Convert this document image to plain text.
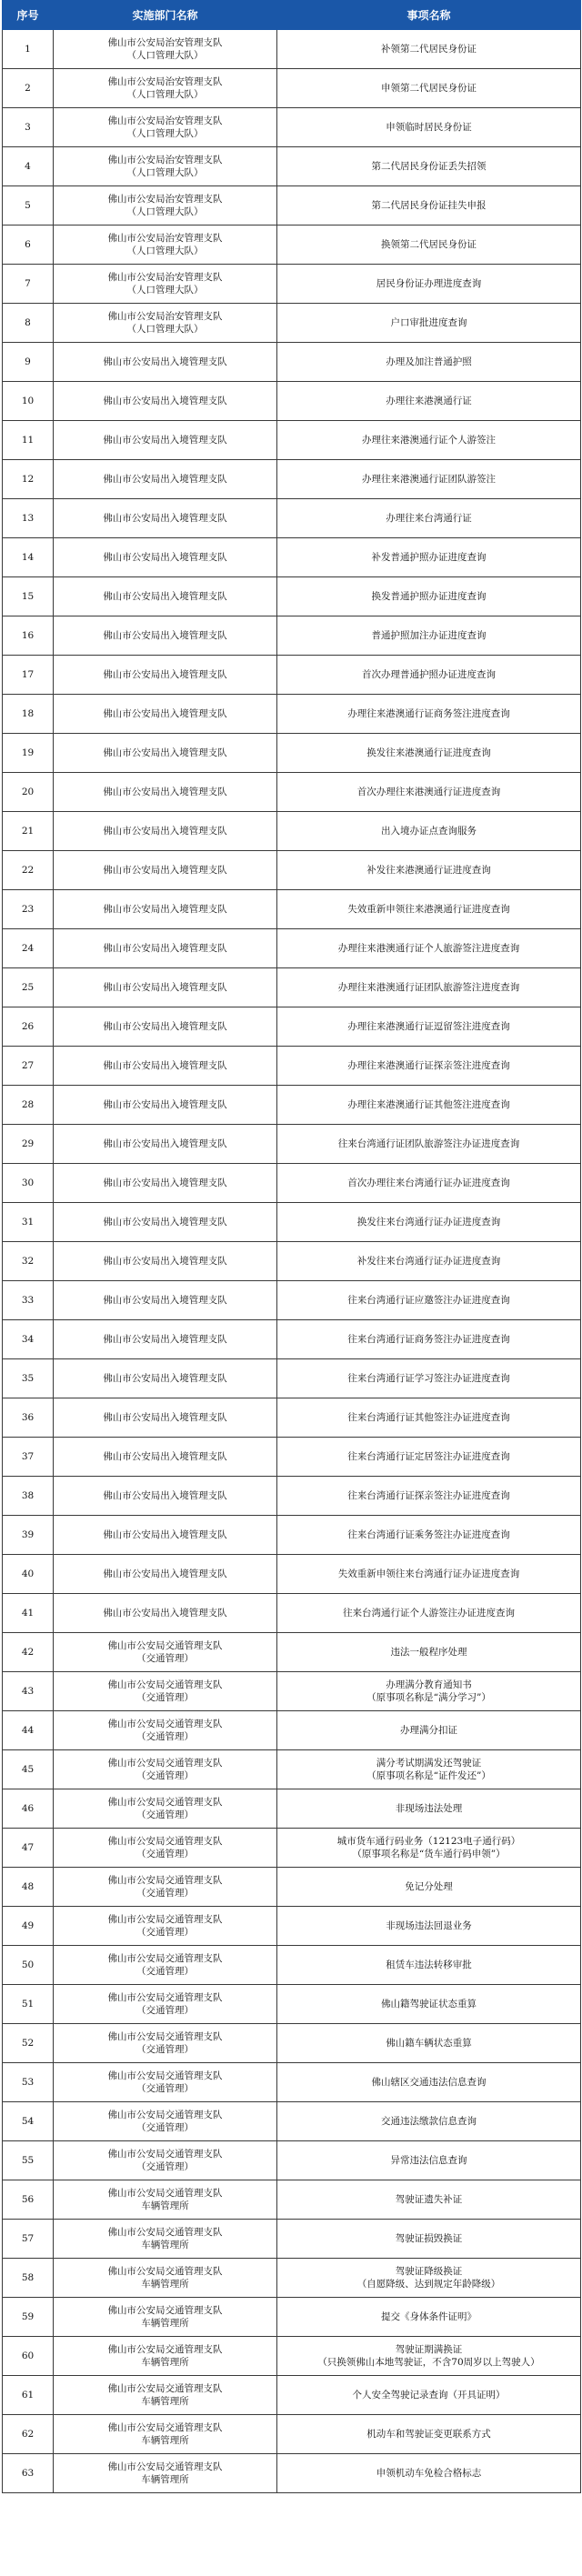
序号	实施部门名称	事项名称
1	佛山市公安局治安管理支队
（人口管理大队）	补领第二代居民身份证

2	佛山市公安局治安管理支队
（人口管理大队）	申领第二代居民身份证

3	佛山市公安局治安管理支队
（人口管理大队）	申领临时居民身份证

4	佛山市公安局治安管理支队
（人口管理大队）	第二代居民身份证丢失招领

5	佛山市公安局治安管理支队
（人口管理大队）	第二代居民身份证挂失申报

6	佛山市公安局治安管理支队
（人口管理大队）	换领第二代居民身份证

7	佛山市公安局治安管理支队
（人口管理大队）	居民身份证办理进度查询

8	佛山市公安局治安管理支队
（人口管理大队）	户口审批进度查询

9	佛山市公安局出入境管理支队	办理及加注普通护照

10	佛山市公安局出入境管理支队	办理往来港澳通行证

11	佛山市公安局出入境管理支队	办理往来港澳通行证个人游签注

12	佛山市公安局出入境管理支队	办理往来港澳通行证团队游签注

13	佛山市公安局出入境管理支队	办理往来台湾通行证

14	佛山市公安局出入境管理支队	补发普通护照办证进度查询

15	佛山市公安局出入境管理支队	换发普通护照办证进度查询

16	佛山市公安局出入境管理支队	普通护照加注办证进度查询

17	佛山市公安局出入境管理支队	首次办理普通护照办证进度查询

18	佛山市公安局出入境管理支队	办理往来港澳通行证商务签注进度查询

19	佛山市公安局出入境管理支队	换发往来港澳通行证进度查询

20	佛山市公安局出入境管理支队	首次办理往来港澳通行证进度查询

21	佛山市公安局出入境管理支队	出入境办证点查询服务

22	佛山市公安局出入境管理支队	补发往来港澳通行证进度查询

23	佛山市公安局出入境管理支队	失效重新申领往来港澳通行证进度查询

24	佛山市公安局出入境管理支队	办理往来港澳通行证个人旅游签注进度查询

25	佛山市公安局出入境管理支队	办理往来港澳通行证团队旅游签注进度查询

26	佛山市公安局出入境管理支队	办理往来港澳通行证逗留签注进度查询

27	佛山市公安局出入境管理支队	办理往来港澳通行证探亲签注进度查询

28	佛山市公安局出入境管理支队	办理往来港澳通行证其他签注进度查询

29	佛山市公安局出入境管理支队	往来台湾通行证团队旅游签注办证进度查询

30	佛山市公安局出入境管理支队	首次办理往来台湾通行证办证进度查询

31	佛山市公安局出入境管理支队	换发往来台湾通行证办证进度查询

32	佛山市公安局出入境管理支队	补发往来台湾通行证办证进度查询

33	佛山市公安局出入境管理支队	往来台湾通行证应邀签注办证进度查询

34	佛山市公安局出入境管理支队	往来台湾通行证商务签注办证进度查询

35	佛山市公安局出入境管理支队	往来台湾通行证学习签注办证进度查询

36	佛山市公安局出入境管理支队	往来台湾通行证其他签注办证进度查询

37	佛山市公安局出入境管理支队	往来台湾通行证定居签注办证进度查询

38	佛山市公安局出入境管理支队	往来台湾通行证探亲签注办证进度查询

39	佛山市公安局出入境管理支队	往来台湾通行证乘务签注办证进度查询

40	佛山市公安局出入境管理支队	失效重新申领往来台湾通行证办证进度查询

41	佛山市公安局出入境管理支队	往来台湾通行证个人游签注办证进度查询

42	佛山市公安局交通管理支队
（交通管理）	违法一般程序处理

43	佛山市公安局交通管理支队
（交通管理）	办理满分教育通知书
（原事项名称是“满分学习”）

44	佛山市公安局交通管理支队
（交通管理）	办理满分扣证

45	佛山市公安局交通管理支队
（交通管理）	满分考试期满发还驾驶证
（原事项名称是“证件发还”）

46	佛山市公安局交通管理支队
（交通管理）	非现场违法处理

47	佛山市公安局交通管理支队
（交通管理）	城市货车通行码业务（12123电子通行码）
（原事项名称是“货车通行码申领”）

48	佛山市公安局交通管理支队
（交通管理）	免记分处理

49	佛山市公安局交通管理支队
（交通管理）	非现场违法回退业务

50	佛山市公安局交通管理支队
（交通管理）	租赁车违法转移审批

51	佛山市公安局交通管理支队
（交通管理）	佛山籍驾驶证状态重算

52	佛山市公安局交通管理支队
（交通管理）	佛山籍车辆状态重算

53	佛山市公安局交通管理支队
（交通管理）	佛山辖区交通违法信息查询

54	佛山市公安局交通管理支队
（交通管理）	交通违法缴款信息查询

55	佛山市公安局交通管理支队
（交通管理）	异常违法信息查询

56	佛山市公安局交通管理支队
车辆管理所	驾驶证遗失补证

57	佛山市公安局交通管理支队
车辆管理所	驾驶证损毁换证

58	佛山市公安局交通管理支队
车辆管理所	驾驶证降级换证
（自愿降级、达到规定年龄降级）

59	佛山市公安局交通管理支队
车辆管理所	提交《身体条件证明》

60	佛山市公安局交通管理支队
车辆管理所	驾驶证期满换证
（只换领佛山本地驾驶证，不含70周岁以上驾驶人）

61	佛山市公安局交通管理支队
车辆管理所	个人安全驾驶记录查询（开具证明）

62	佛山市公安局交通管理支队
车辆管理所	机动车和驾驶证变更联系方式

63	佛山市公安局交通管理支队
车辆管理所	申领机动车免检合格标志
